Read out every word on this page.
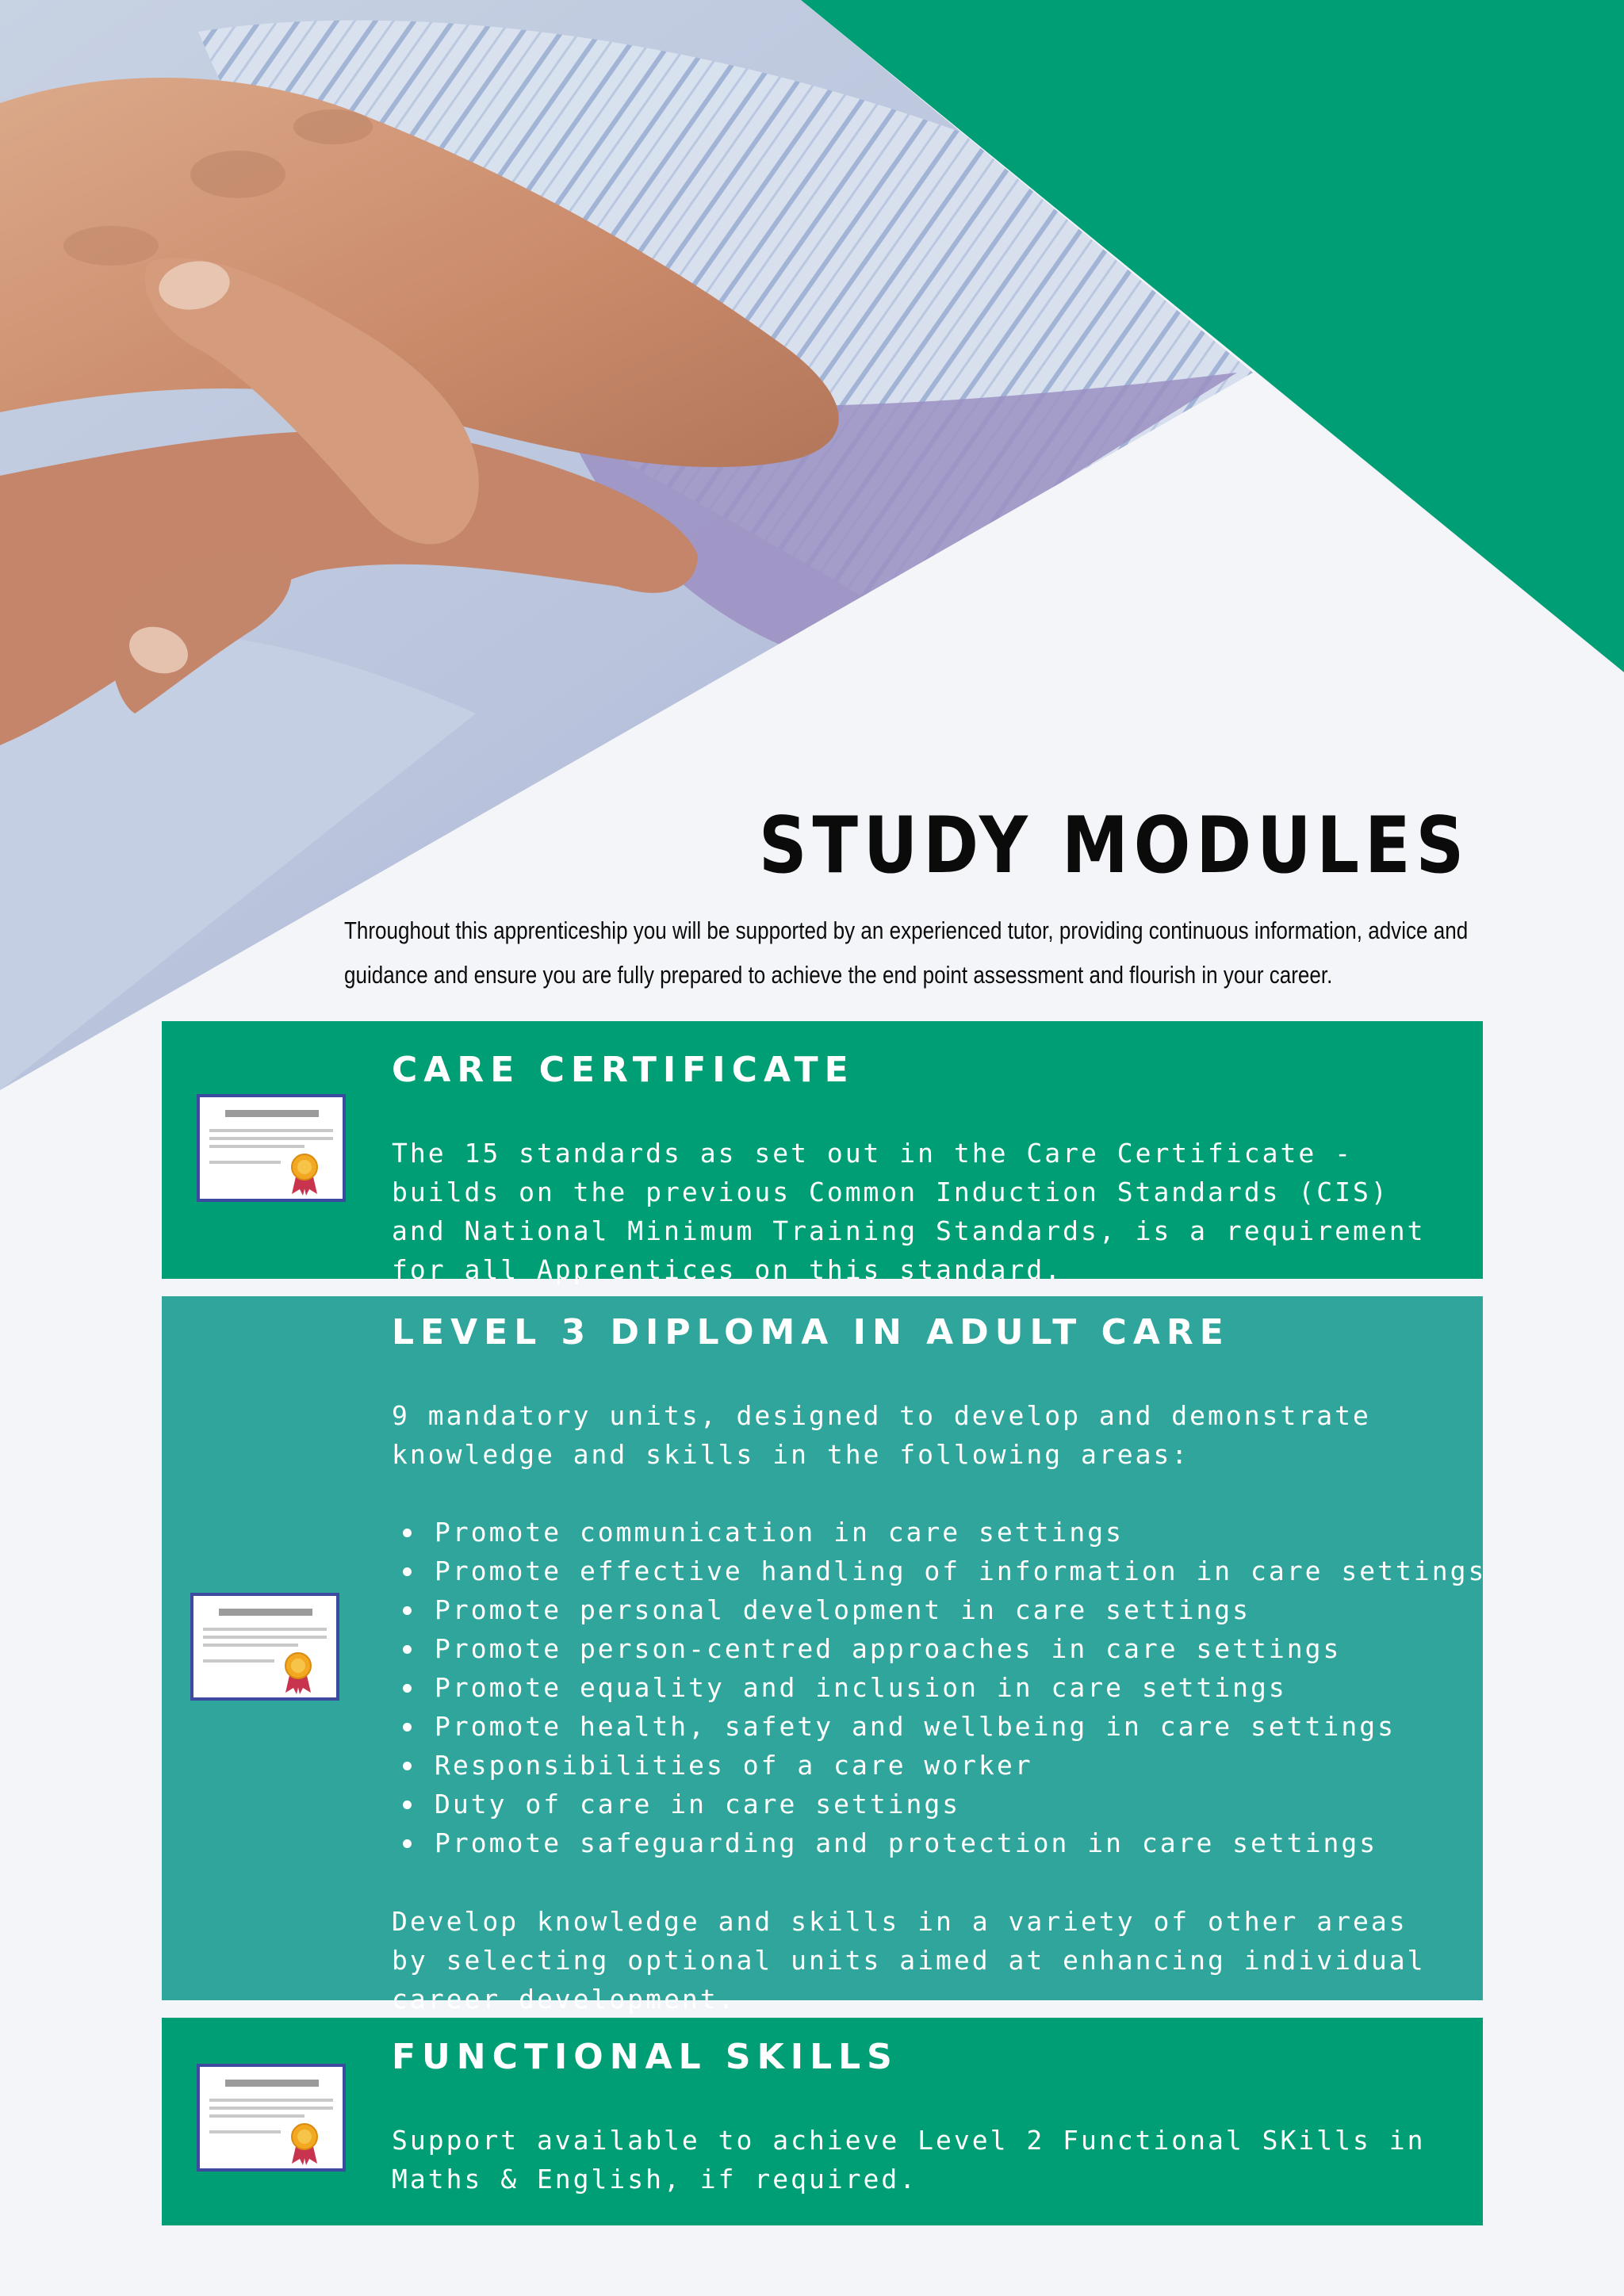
STUDY MODULES

Throughout this apprenticeship you will be supported by an experienced tutor, providing continuous information, advice and guidance and ensure you are fully prepared to achieve the end point assessment and flourish in your career.

CARE CERTIFICATE

The 15 standards as set out in the Care Certificate - builds on the previous Common Induction Standards (CIS) and National Minimum Training Standards, is a requirement for all Apprentices on this standard.

LEVEL 3 DIPLOMA IN ADULT CARE

9 mandatory units, designed to develop and demonstrate knowledge and skills in the following areas:

Promote communication in care settings
Promote effective handling of information in care settings
Promote personal development in care settings
Promote person-centred approaches in care settings
Promote equality and inclusion in care settings
Promote health, safety and wellbeing in care settings
Responsibilities of a care worker
Duty of care in care settings
Promote safeguarding and protection in care settings

Develop knowledge and skills in a variety of other areas by selecting optional units aimed at enhancing individual career development.

FUNCTIONAL SKILLS

Support available to achieve Level 2 Functional SKills in Maths & English, if required.
